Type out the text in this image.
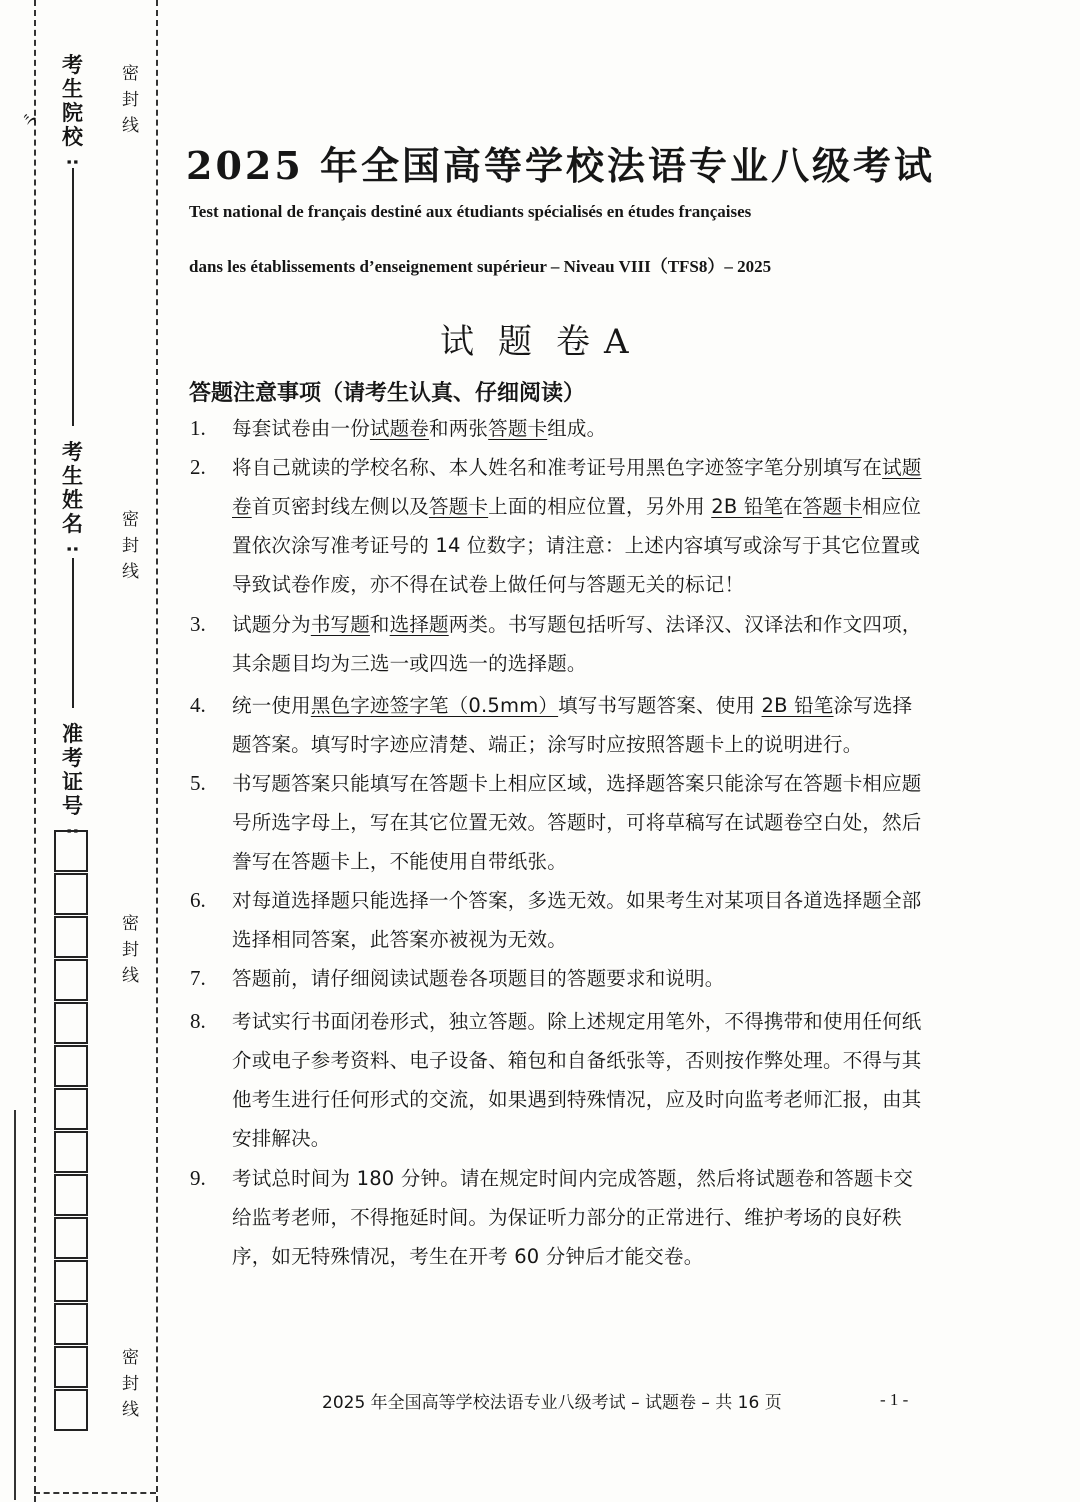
ゞ
密
封
线
密
封
线
密
封
线
密
封
线
考
生
院
校
:
考
生
姓
名
:
准
考
证
号
:
2025 年全国高等学校法语专业八级考试
Test national de français destiné aux étudiants spécialisés en études françaises
dans les établissements d’enseignement supérieur – Niveau VIII（TFS8）– 2025
试 题 卷 A
答题注意事项（请考生认真、仔细阅读）
1. 每套试卷由一份试题卷和两张答题卡组成。
2. 将自己就读的学校名称、本人姓名和准考证号用黑色字迹签字笔分别填写在试题卷首页密封线左侧以及答题卡上面的相应位置，另外用 2B 铅笔在答题卡相应位置依次涂写准考证号的 14 位数字；请注意：上述内容填写或涂写于其它位置或导致试卷作废，亦不得在试卷上做任何与答题无关的标记！
3. 试题分为书写题和选择题两类。书写题包括听写、法译汉、汉译法和作文四项，其余题目均为三选一或四选一的选择题。
4. 统一使用黑色字迹签字笔（0.5mm）填写书写题答案、使用 2B 铅笔涂写选择题答案。填写时字迹应清楚、端正；涂写时应按照答题卡上的说明进行。
5. 书写题答案只能填写在答题卡上相应区域，选择题答案只能涂写在答题卡相应题号所选字母上，写在其它位置无效。答题时，可将草稿写在试题卷空白处，然后誊写在答题卡上，不能使用自带纸张。
6. 对每道选择题只能选择一个答案，多选无效。如果考生对某项目各道选择题全部选择相同答案，此答案亦被视为无效。
7. 答题前，请仔细阅读试题卷各项题目的答题要求和说明。
8. 考试实行书面闭卷形式，独立答题。除上述规定用笔外，不得携带和使用任何纸介或电子参考资料、电子设备、箱包和自备纸张等，否则按作弊处理。不得与其他考生进行任何形式的交流，如果遇到特殊情况，应及时向监考老师汇报，由其安排解决。
9. 考试总时间为 180 分钟。请在规定时间内完成答题，然后将试题卷和答题卡交给监考老师，不得拖延时间。为保证听力部分的正常进行、维护考场的良好秩序，如无特殊情况，考生在开考 60 分钟后才能交卷。
2025 年全国高等学校法语专业八级考试 – 试题卷 – 共 16 页	- 1 -
